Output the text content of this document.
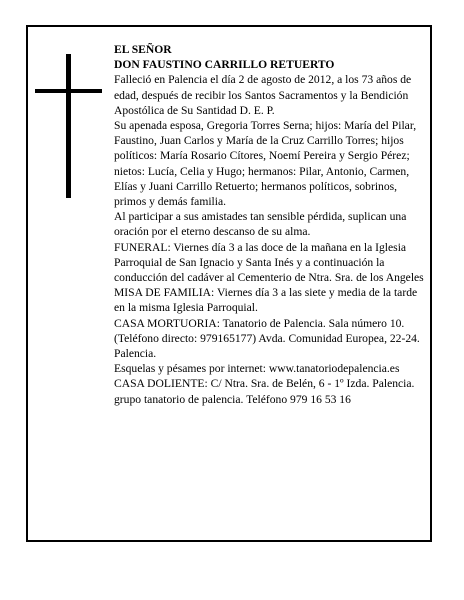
EL SEÑOR

DON FAUSTINO CARRILLO RETUERTO

Falleció en Palencia el día 2 de agosto de 2012, a los 73 años de edad, después de recibir los Santos Sacramentos y la Bendición Apostólica de Su Santidad D. E. P.

Su apenada esposa, Gregoria Torres Serna; hijos: María del Pilar, Faustino, Juan Carlos y María de la Cruz Carrillo Torres; hijos políticos: María Rosario Cítores, Noemí Pereira y Sergio Pérez; nietos: Lucía, Celia y Hugo; hermanos: Pilar, Antonio, Carmen, Elías y Juani Carrillo Retuerto; hermanos políticos, sobrinos, primos y demás familia.

Al participar a sus amistades tan sensible pérdida, suplican una oración por el eterno descanso de su alma.

FUNERAL: Viernes día 3 a las doce de la mañana en la Iglesia Parroquial de San Ignacio y Santa Inés y a continuación la conducción del cadáver al Cementerio de Ntra. Sra. de los Angeles

MISA DE FAMILIA: Viernes día 3 a las siete y media de la tarde en la misma Iglesia Parroquial.

CASA MORTUORIA: Tanatorio de Palencia. Sala número 10. (Teléfono directo: 979165177) Avda. Comunidad Europea, 22-24. Palencia.

Esquelas y pésames por internet: www.tanatoriodepalencia.es

CASA DOLIENTE: C/ Ntra. Sra. de Belén, 6 - 1º Izda. Palencia.

grupo tanatorio de palencia. Teléfono 979 16 53 16
